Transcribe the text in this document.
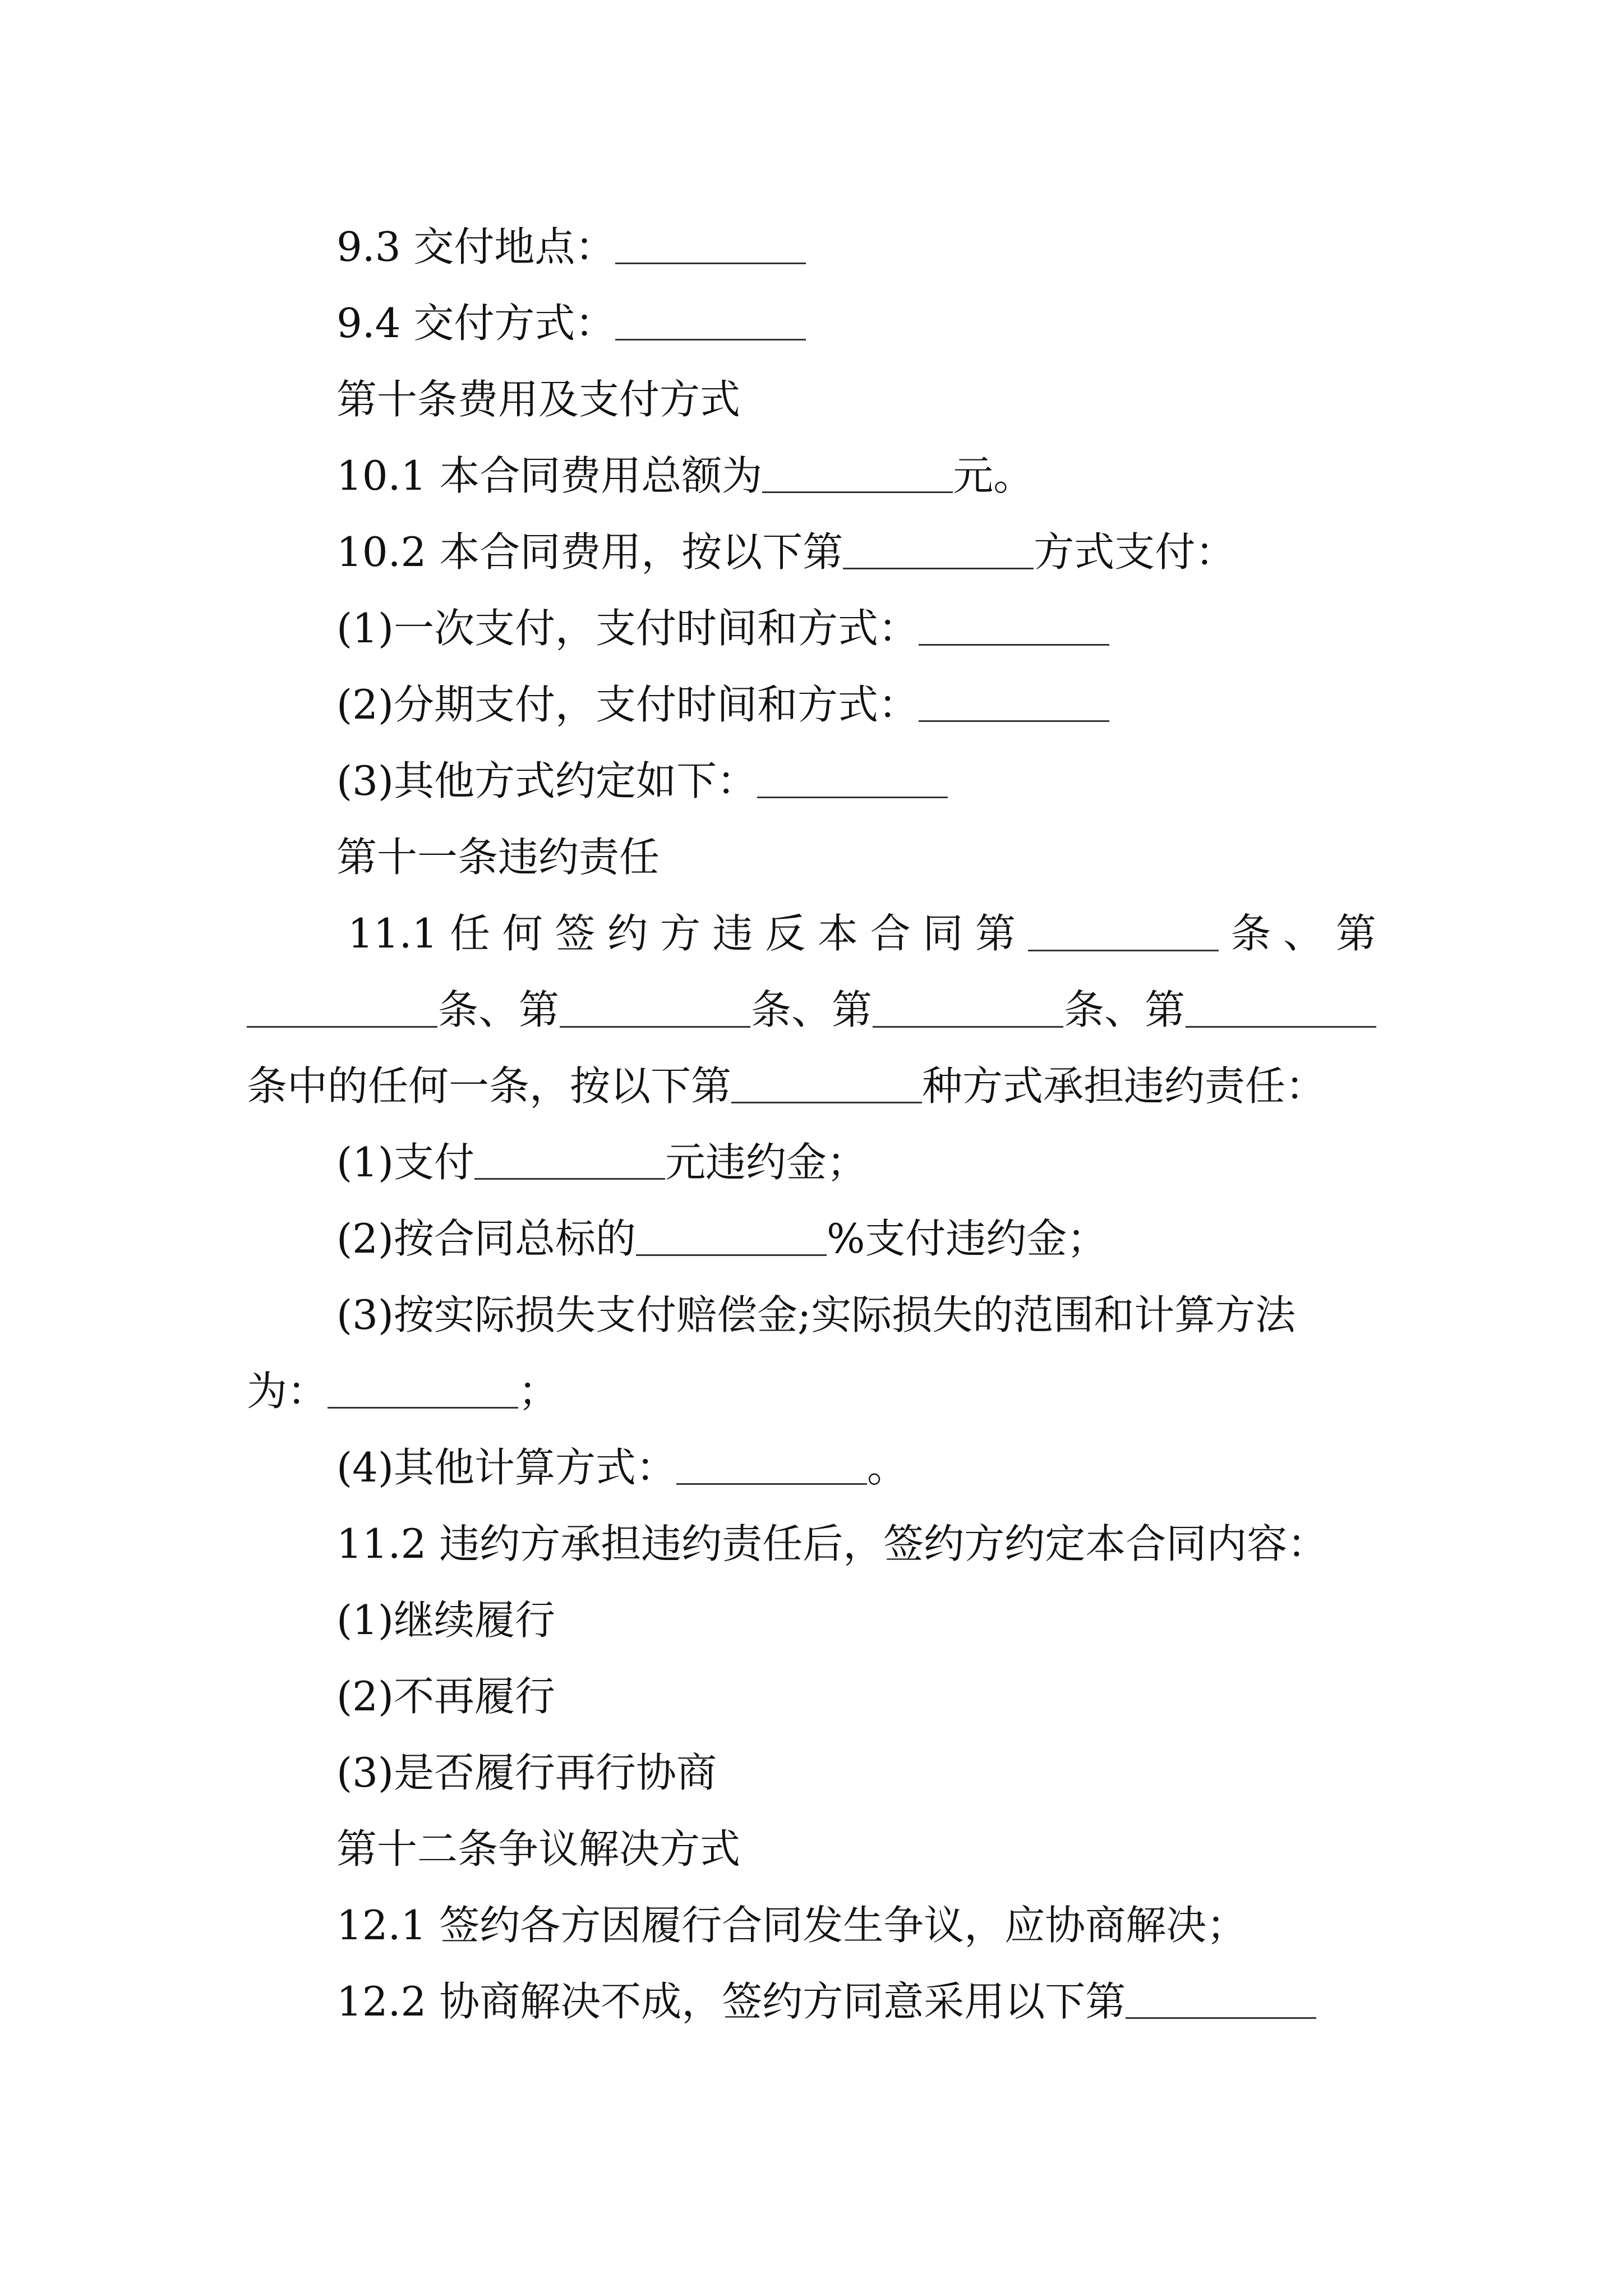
9.3 交付地点：
9.4 交付方式：
第十条费用及支付方式
10.1 本合同费用总额为	元。
10.2 本合同费用，按以下第	方式支付：
(1)一次支付，支付时间和方式：
(2)分期支付，支付时间和方式：
(3)其他方式约定如下：
第十一条违约责任
11.1 任 何 签 约 方 违 反 本 合 同 第	条 、 第
条、第	条、第	条、第
条中的任何一条，按以下第	种方式承担违约责任：
(1)支付	元违约金；
(2)按合同总标的	%支付违约金；
(3)按实际损失支付赔偿金;实际损失的范围和计算方法
为：	；
(4)其他计算方式：	。
11.2 违约方承担违约责任后，签约方约定本合同内容：
(1)继续履行
(2)不再履行
(3)是否履行再行协商
第十二条争议解决方式
12.1 签约各方因履行合同发生争议，应协商解决；
12.2 协商解决不成，签约方同意采用以下第
